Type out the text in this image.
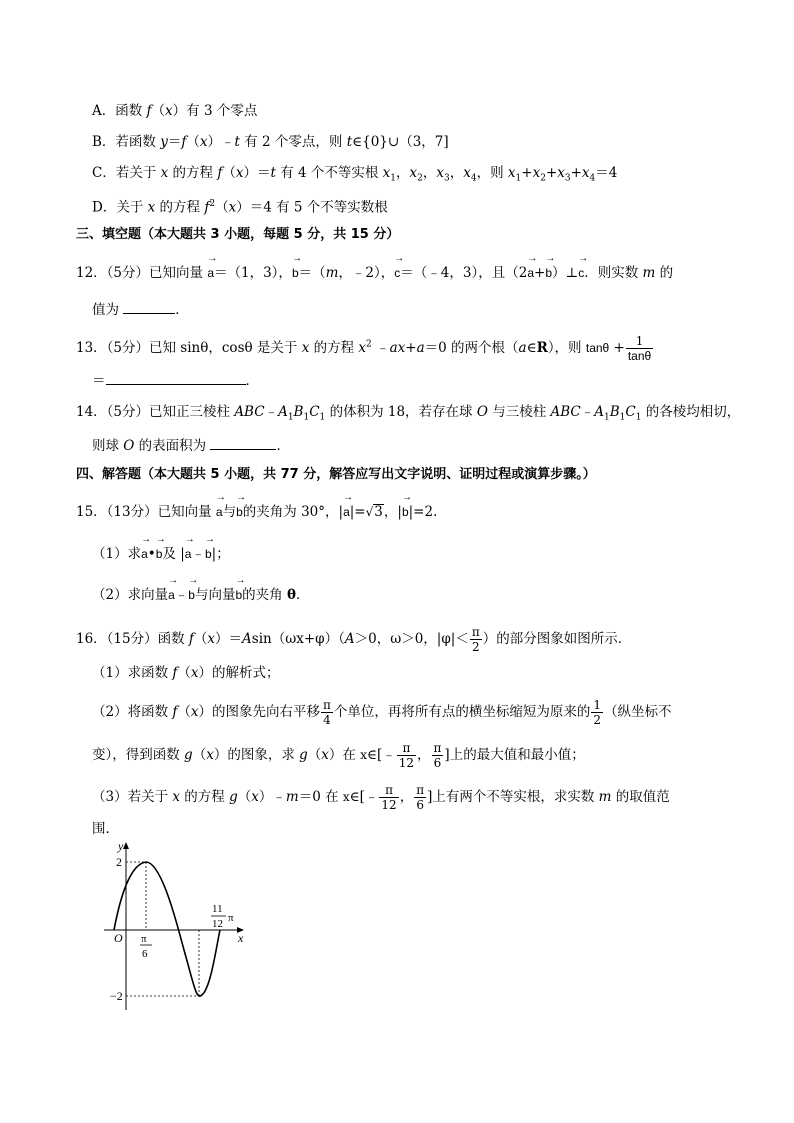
A．函数 f（x）有 3 个零点
B．若函数 y＝f（x）﹣t 有 2 个零点，则 t∈{0}∪（3，7]
C．若关于 x 的方程 f（x）＝t 有 4 个不等实根 $x_1$，$x_2$，$x_3$，$x_4$，则 $x_1+x_2+x_3+x_4=4$
D．关于 x 的方程 $f^2(x)=4$ 有 5 个不等实数根
三、填空题（本大题共 3 小题，每题 5 分，共 15 分）
12．（5分）已知向量 → a＝（1，3），→ b＝（m，﹣2），→ c＝（﹣4，3），且（2→ a+→ b）⊥→ c．则实数 m 的
值为	．
13．（5分）已知 sinθ，cosθ 是关于 x 的方程 $x^2$ ﹣ax+a＝0 的两个根（a∈R），则 $\tan\theta + \frac{1}{\tan\theta}$
＝	．
14．（5分）已知正三棱柱 $ABC﹣A_1B_1C_1$ 的体积为 18，若存在球 O 与三棱柱 $ABC﹣A_1B_1C_1$ 的各棱均相切，
则球 O 的表面积为	．
四、解答题（本大题共 5 小题，共 77 分，解答应写出文字说明、证明过程或演算步骤。）
15．（13分）已知向量 → a与→ b的夹角为 30°，|→ a|=√3，|→ b|=2．
（1）求→ a•→ b及 |→ a﹣→ b|；
（2）求向量→ a﹣→ b与向量→ b的夹角 θ．
16．（15分）函数 f（x）＝Asin（ωx+φ）（A＞0，ω＞0，$|\varphi|< \frac{\pi}{2}$ ）的部分图象如图所示．
（1）求函数 f（x）的解析式；
（2）将函数 f（x）的图象先向右平移 $\frac{\pi}{4}$ 个单位，再将所有点的横坐标缩短为原来的 $\frac{1}{2}$ （纵坐标不
变），得到函数 g（x）的图象，求 g（x）在 x∈[﹣ $\frac{\pi}{12}$ ， $\frac{\pi}{6}$ ]上的最大值和最小值；
（3）若关于 x 的方程 g（x）﹣m＝0 在 x∈[﹣ $\frac{\pi}{12}$ ， $\frac{\pi}{6}$ ]上有两个不等实根，求实数 m 的取值范
围．
y
x
O
2
−2
π
6
11
12 π
